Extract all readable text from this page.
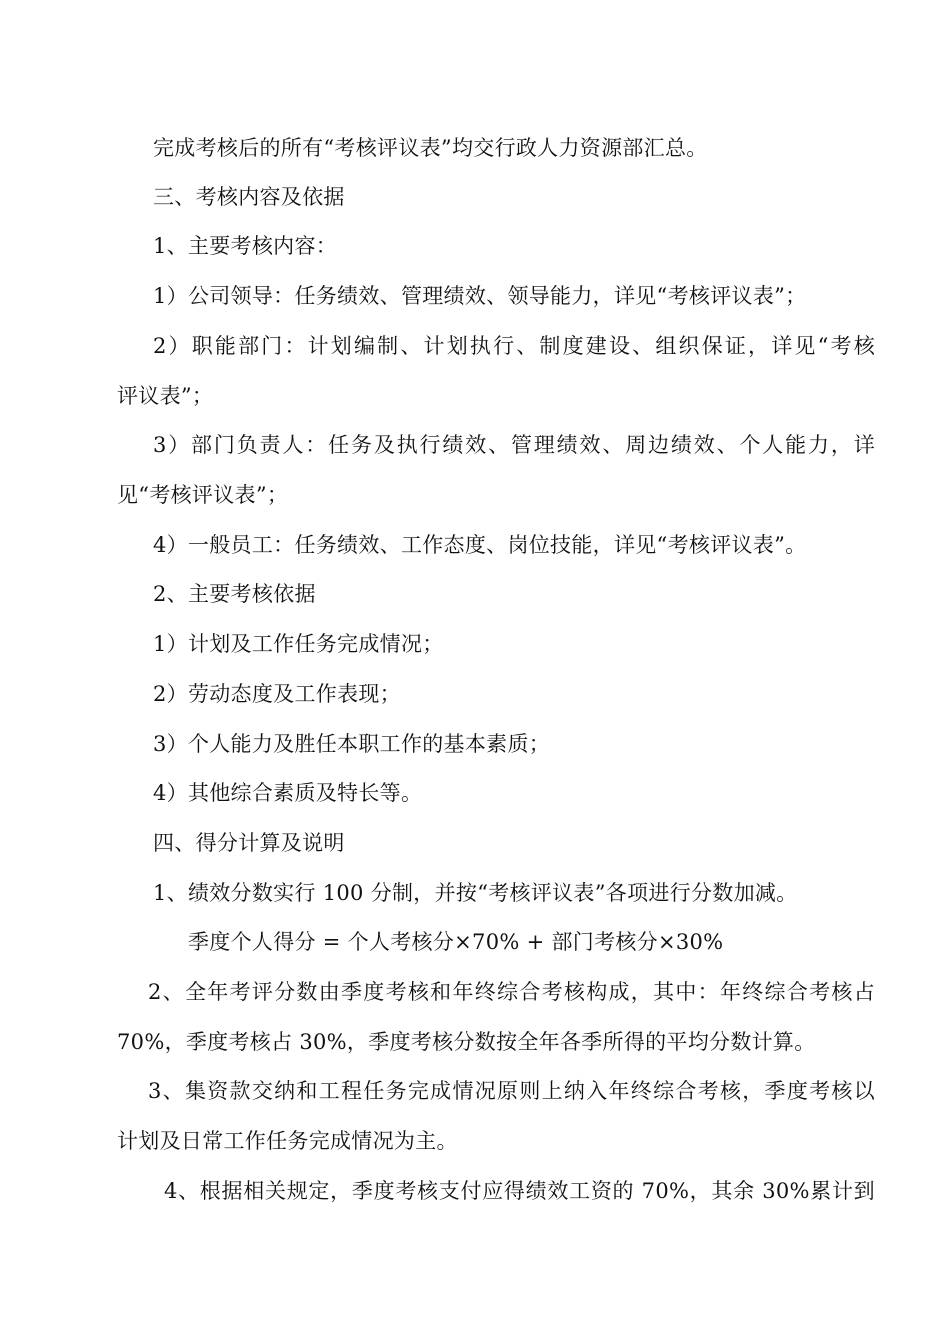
完成考核后的所有“考核评议表”均交行政人力资源部汇总。
三、考核内容及依据
1、主要考核内容：
1）公司领导：任务绩效、管理绩效、领导能力，详见“考核评议表”；
2）职能部门：计划编制、计划执行、制度建设、组织保证，详见“考核
评议表”；
3）部门负责人：任务及执行绩效、管理绩效、周边绩效、个人能力，详
见“考核评议表”；
4）一般员工：任务绩效、工作态度、岗位技能，详见“考核评议表”。
2、主要考核依据
1）计划及工作任务完成情况；
2）劳动态度及工作表现；
3）个人能力及胜任本职工作的基本素质；
4）其他综合素质及特长等。
四、得分计算及说明
1、绩效分数实行 100 分制，并按“考核评议表”各项进行分数加减。
季度个人得分 = 个人考核分×70% + 部门考核分×30%
2、全年考评分数由季度考核和年终综合考核构成，其中：年终综合考核占
70%，季度考核占 30%，季度考核分数按全年各季所得的平均分数计算。
3、集资款交纳和工程任务完成情况原则上纳入年终综合考核，季度考核以
计划及日常工作任务完成情况为主。
4、根据相关规定，季度考核支付应得绩效工资的 70%，其余 30%累计到
